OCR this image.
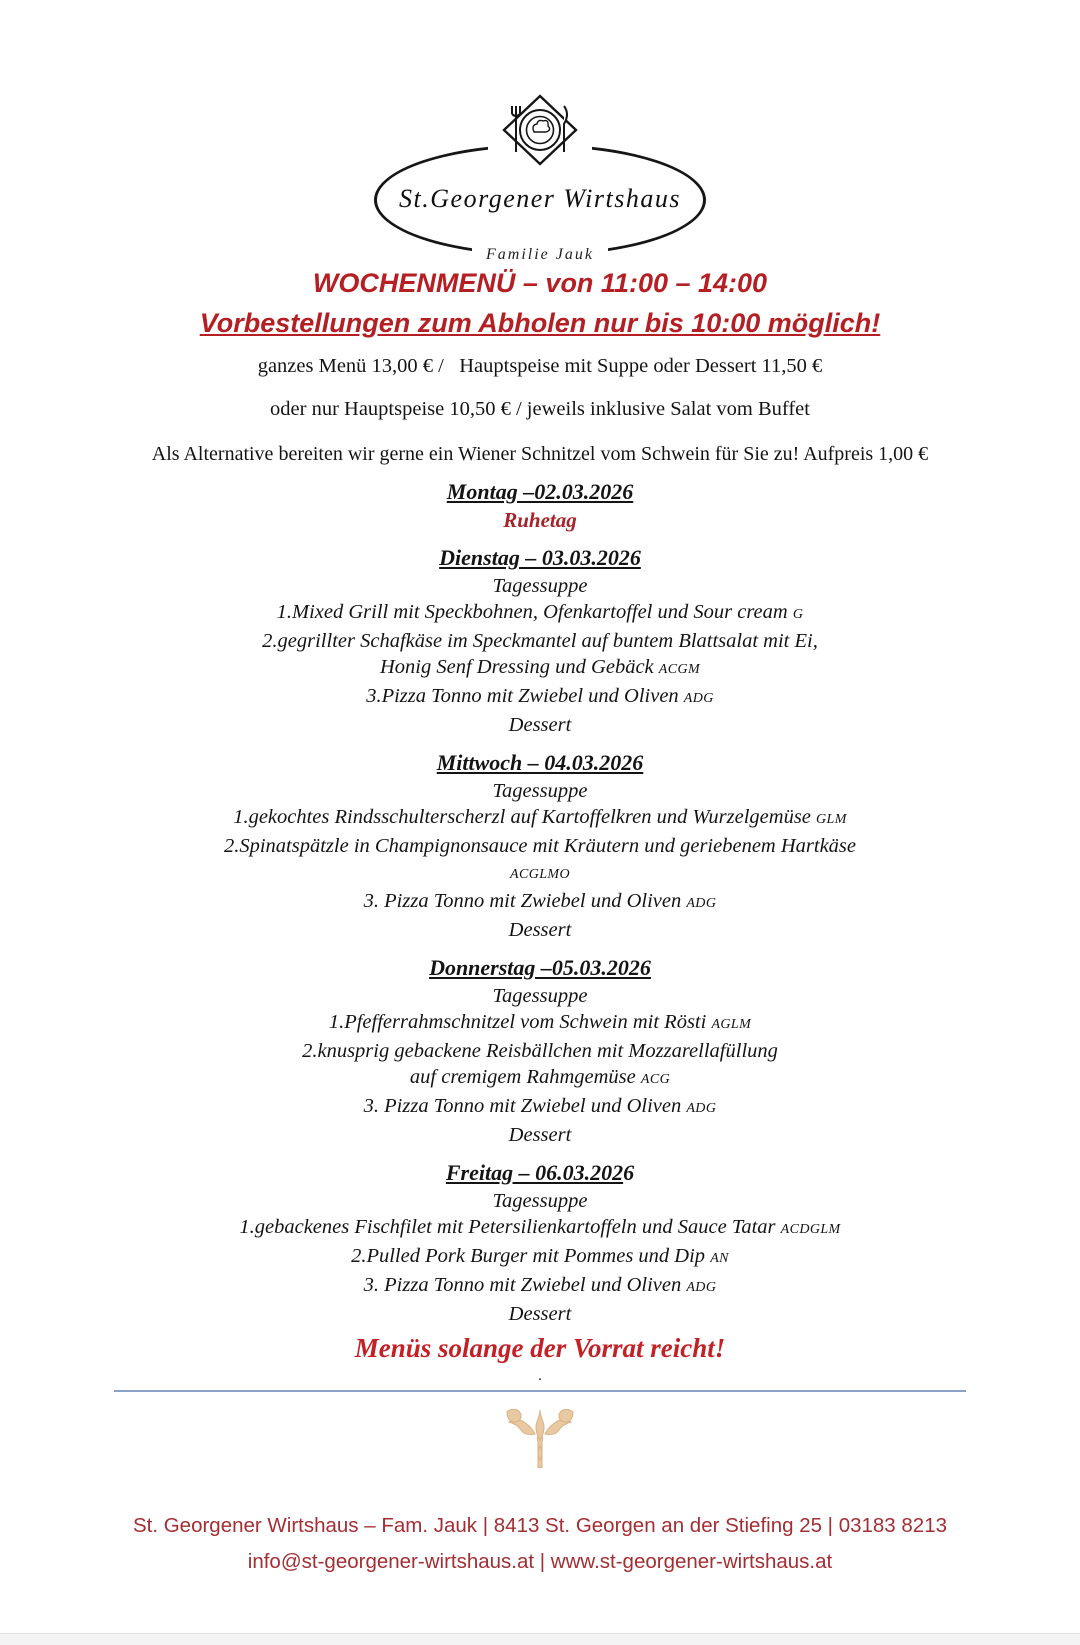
St.Georgener Wirtshaus
Familie Jauk
WOCHENMENÜ – von 11:00 – 14:00
Vorbestellungen zum Abholen nur bis 10:00 möglich!
ganzes Menü 13,00 € /   Hauptspeise mit Suppe oder Dessert 11,50 €
oder nur Hauptspeise 10,50 € / jeweils inklusive Salat vom Buffet
Als Alternative bereiten wir gerne ein Wiener Schnitzel vom Schwein für Sie zu! Aufpreis 1,00 €
Montag –02.03.2026
Ruhetag
Dienstag – 03.03.2026
Tagessuppe
1.Mixed Grill mit Speckbohnen, Ofenkartoffel und Sour cream G
2.gegrillter Schafkäse im Speckmantel auf buntem Blattsalat mit Ei,
Honig Senf Dressing und Gebäck ACGM
3.Pizza Tonno mit Zwiebel und Oliven ADG
Dessert
Mittwoch – 04.03.2026
Tagessuppe
1.gekochtes Rindsschulterscherzl auf Kartoffelkren und Wurzelgemüse GLM
2.Spinatspätzle in Champignonsauce mit Kräutern und geriebenem Hartkäse
ACGLMO
3. Pizza Tonno mit Zwiebel und Oliven ADG
Dessert
Donnerstag –05.03.2026
Tagessuppe
1.Pfefferrahmschnitzel vom Schwein mit Rösti AGLM
2.knusprig gebackene Reisbällchen mit Mozzarellafüllung
auf cremigem Rahmgemüse ACG
3. Pizza Tonno mit Zwiebel und Oliven ADG
Dessert
Freitag – 06.03.2026
Tagessuppe
1.gebackenes Fischfilet mit Petersilienkartoffeln und Sauce Tatar ACDGLM
2.Pulled Pork Burger mit Pommes und Dip AN
3. Pizza Tonno mit Zwiebel und Oliven ADG
Dessert
Menüs solange der Vorrat reicht!
.
St. Georgener Wirtshaus – Fam. Jauk | 8413 St. Georgen an der Stiefing 25 | 03183 8213
info@st-georgener-wirtshaus.at | www.st-georgener-wirtshaus.at
